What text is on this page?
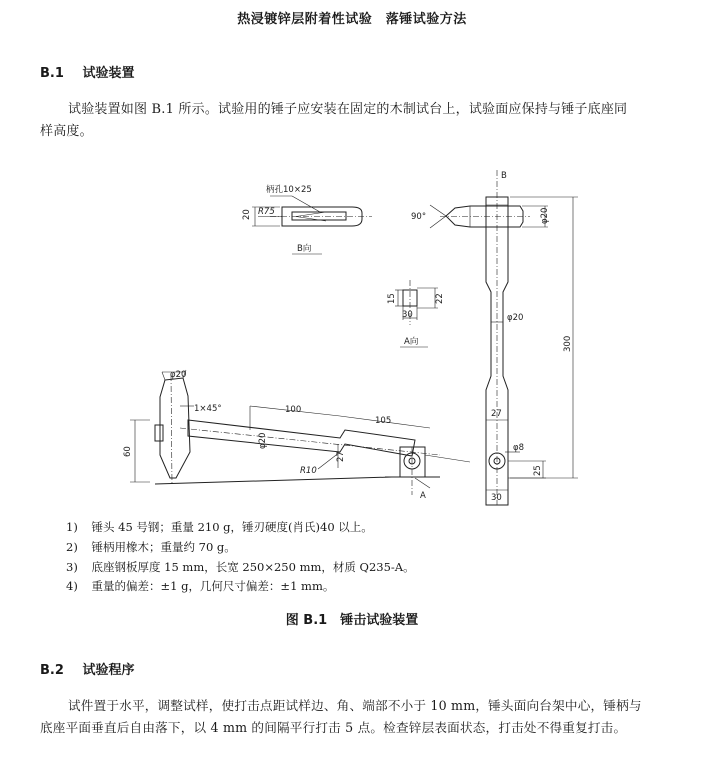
热浸镀锌层附着性试验　落锤试验方法
B.1 试验装置
试验装置如图 B.1 所示。试验用的锤子应安装在固定的木制试台上，试验面应保持与锤子底座同
样高度。
20 R75
柄孔10×25
B向
15	22
30
A向
B
90°	φ20
φ20
300
27
φ8
25
30
φ20
1×45°	100
105
60
φ20
27
R10
A
1) 锤头 45 号钢；重量 210 g，锤刃硬度(肖氏)40 以上。
2) 锤柄用橡木；重量约 70 g。
3) 底座钢板厚度 15 mm，长宽 250×250 mm，材质 Q235-A。
4) 重量的偏差：±1 g，几何尺寸偏差：±1 mm。
图 B.1　锤击试验装置
B.2 试验程序
试件置于水平，调整试样，使打击点距试样边、角、端部不小于 10 mm，锤头面向台架中心，锤柄与
底座平面垂直后自由落下，以 4 mm 的间隔平行打击 5 点。检查锌层表面状态，打击处不得重复打击。
